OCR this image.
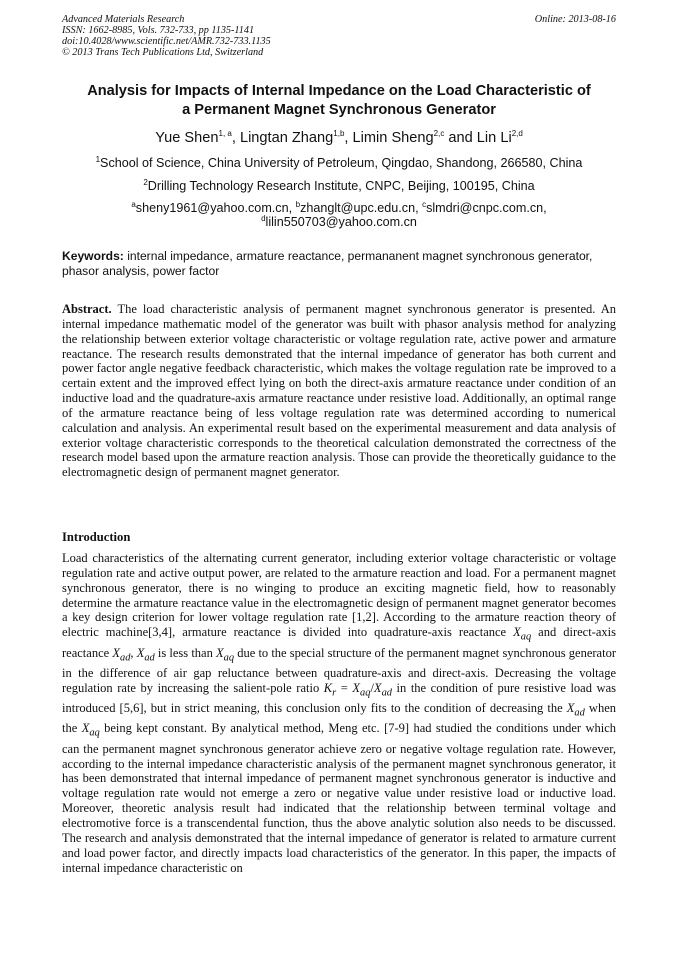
Advanced Materials Research
ISSN: 1662-8985, Vols. 732-733, pp 1135-1141
doi:10.4028/www.scientific.net/AMR.732-733.1135
© 2013 Trans Tech Publications Ltd, Switzerland
Online: 2013-08-16
Analysis for Impacts of Internal Impedance on the Load Characteristic of
a Permanent Magnet Synchronous Generator
Yue Shen$^{1, a}$, Lingtan Zhang$^{1,b}$, Limin Sheng$^{2,c}$ and Lin Li$^{2,d}$
$^1$School of Science, China University of Petroleum, Qingdao, Shandong, 266580, China
$^2$Drilling Technology Research Institute, CNPC, Beijing, 100195, China
$^a$sheny1961@yahoo.com.cn, $^b$zhanglt@upc.edu.cn, $^c$slmdri@cnpc.com.cn,
$^d$lilin550703@yahoo.com.cn
Keywords: internal impedance, armature reactance, permananent magnet synchronous generator, phasor analysis, power factor
Abstract. The load characteristic analysis of permanent magnet synchronous generator is presented. An internal impedance mathematic model of the generator was built with phasor analysis method for analyzing the relationship between exterior voltage characteristic or voltage regulation rate, active power and armature reactance. The research results demonstrated that the internal impedance of generator has both current and power factor angle negative feedback characteristic, which makes the voltage regulation rate be improved to a certain extent and the improved effect lying on both the direct-axis armature reactance under condition of an inductive load and the quadrature-axis armature reactance under resistive load. Additionally, an optimal range of the armature reactance being of less voltage regulation rate was determined according to numerical calculation and analysis. An experimental result based on the experimental measurement and data analysis of exterior voltage characteristic corresponds to the theoretical calculation demonstrated the correctness of the research model based upon the armature reaction analysis. Those can provide the theoretically guidance to the electromagnetic design of permanent magnet generator.
Introduction
Load characteristics of the alternating current generator, including exterior voltage characteristic or voltage regulation rate and active output power, are related to the armature reaction and load. For a permanent magnet synchronous generator, there is no winging to produce an exciting magnetic field, how to reasonably determine the armature reactance value in the electromagnetic design of permanent magnet generator becomes a key design criterion for lower voltage regulation rate [1,2]. According to the armature reaction theory of electric machine[3,4], armature reactance is divided into quadrature-axis reactance $X_{aq}$ and direct-axis reactance $X_{ad}$, $X_{ad}$ is less than $X_{aq}$ due to the special structure of the permanent magnet synchronous generator in the difference of air gap reluctance between quadrature-axis and direct-axis. Decreasing the voltage regulation rate by increasing the salient-pole ratio $K_r = X_{aq}/X_{ad}$ in the condition of pure resistive load was introduced [5,6], but in strict meaning, this conclusion only fits to the condition of decreasing the $X_{ad}$ when the $X_{aq}$ being kept constant. By analytical method, Meng etc. [7-9] had studied the conditions under which can the permanent magnet synchronous generator achieve zero or negative voltage regulation rate. However, according to the internal impedance characteristic analysis of the permanent magnet synchronous generator, it has been demonstrated that internal impedance of permanent magnet synchronous generator is inductive and voltage regulation rate would not emerge a zero or negative value under resistive load or inductive load. Moreover, theoretic analysis result had indicated that the relationship between terminal voltage and electromotive force is a transcendental function, thus the above analytic solution also needs to be discussed. The research and analysis demonstrated that the internal impedance of generator is related to armature current and load power factor, and directly impacts load characteristics of the generator. In this paper, the impacts of internal impedance characteristic on
